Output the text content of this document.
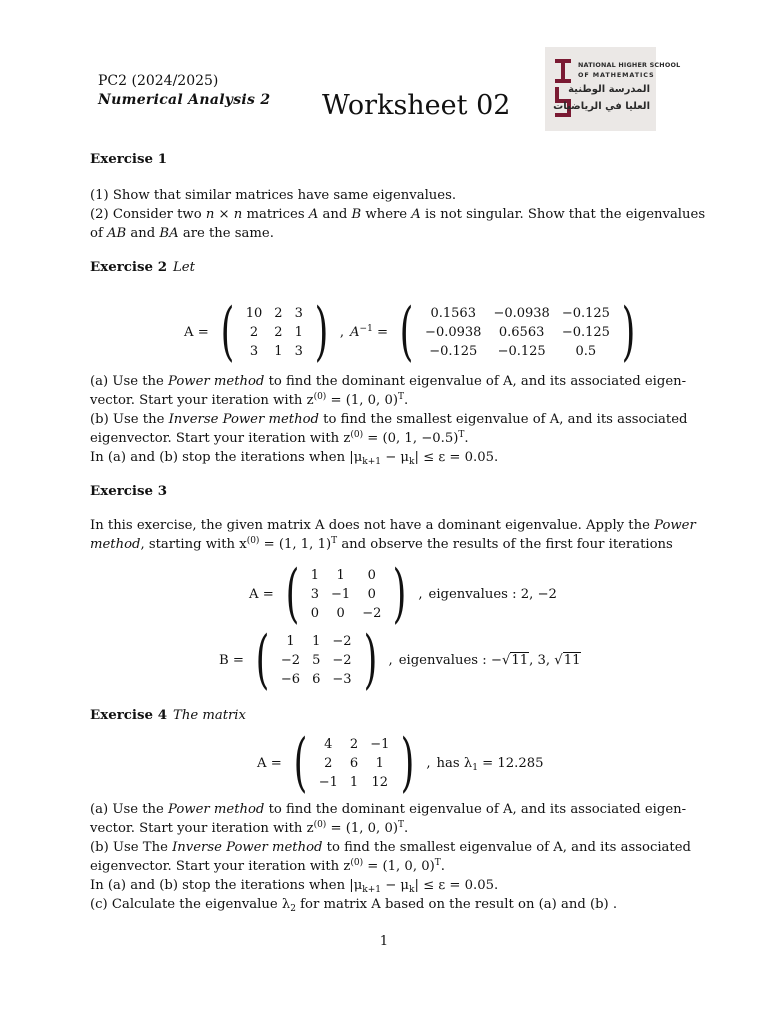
PC2 (2024/2025)
Numerical Analysis 2 Worksheet 02
NATIONAL HIGHER SCHOOL
OF MATHEMATICS
المدرسة الوطنية
العليا في الرياضيات
Exercise 1
(1) Show that similar matrices have same eigenvalues.
(2) Consider two n × n matrices A and B where A is not singular. Show that the eigenvalues
of AB and BA are the same.
Exercise 2 Let
A = ( 10	2	3
2	2	1
3	1	3 ) , $A^{-1}$ = ( 0.1563	−0.0938	−0.125
−0.0938	0.6563	−0.125
−0.125	−0.125	0.5 )
(a) Use the Power method to find the dominant eigenvalue of A, and its associated eigen-
vector. Start your iteration with $z^{(0)} = (1$, 0, 0)$^T$.
(b) Use the Inverse Power method to find the smallest eigenvalue of A, and its associated
eigenvector. Start your iteration with $z^{(0)} = (0$, 1, −0.5)$^T$.
In (a) and (b) stop the iterations when $|\mu_{k+1} - \mu_k| \le \varepsilon = 0.05$.
Exercise 3
In this exercise, the given matrix A does not have a dominant eigenvalue. Apply the Power
method, starting with $x^{(0)} = (1$, 1, 1)$^T$ and observe the results of the first four iterations
A = ( 1	1	0
3	−1	0
0	0	−2 ) , eigenvalues : 2, −2
B = ( 1	1	−2
−2	5	−2
−6	6	−3 ) , eigenvalues : −√11, 3, √11
Exercise 4 The matrix
A = ( 4	2	−1
2	6	1
−1	1	12 ) , has $\lambda_1 = 12.285$
(a) Use the Power method to find the dominant eigenvalue of A, and its associated eigen-
vector. Start your iteration with $z^{(0)} = (1$, 0, 0)$^T$.
(b) Use The Inverse Power method to find the smallest eigenvalue of A, and its associated
eigenvector. Start your iteration with $z^{(0)} = (1$, 0, 0)$^T$.
In (a) and (b) stop the iterations when $|\mu_{k+1} - \mu_k| \le \varepsilon = 0.05$.
(c) Calculate the eigenvalue $\lambda_2$ for matrix A based on the result on (a) and (b) .
1
